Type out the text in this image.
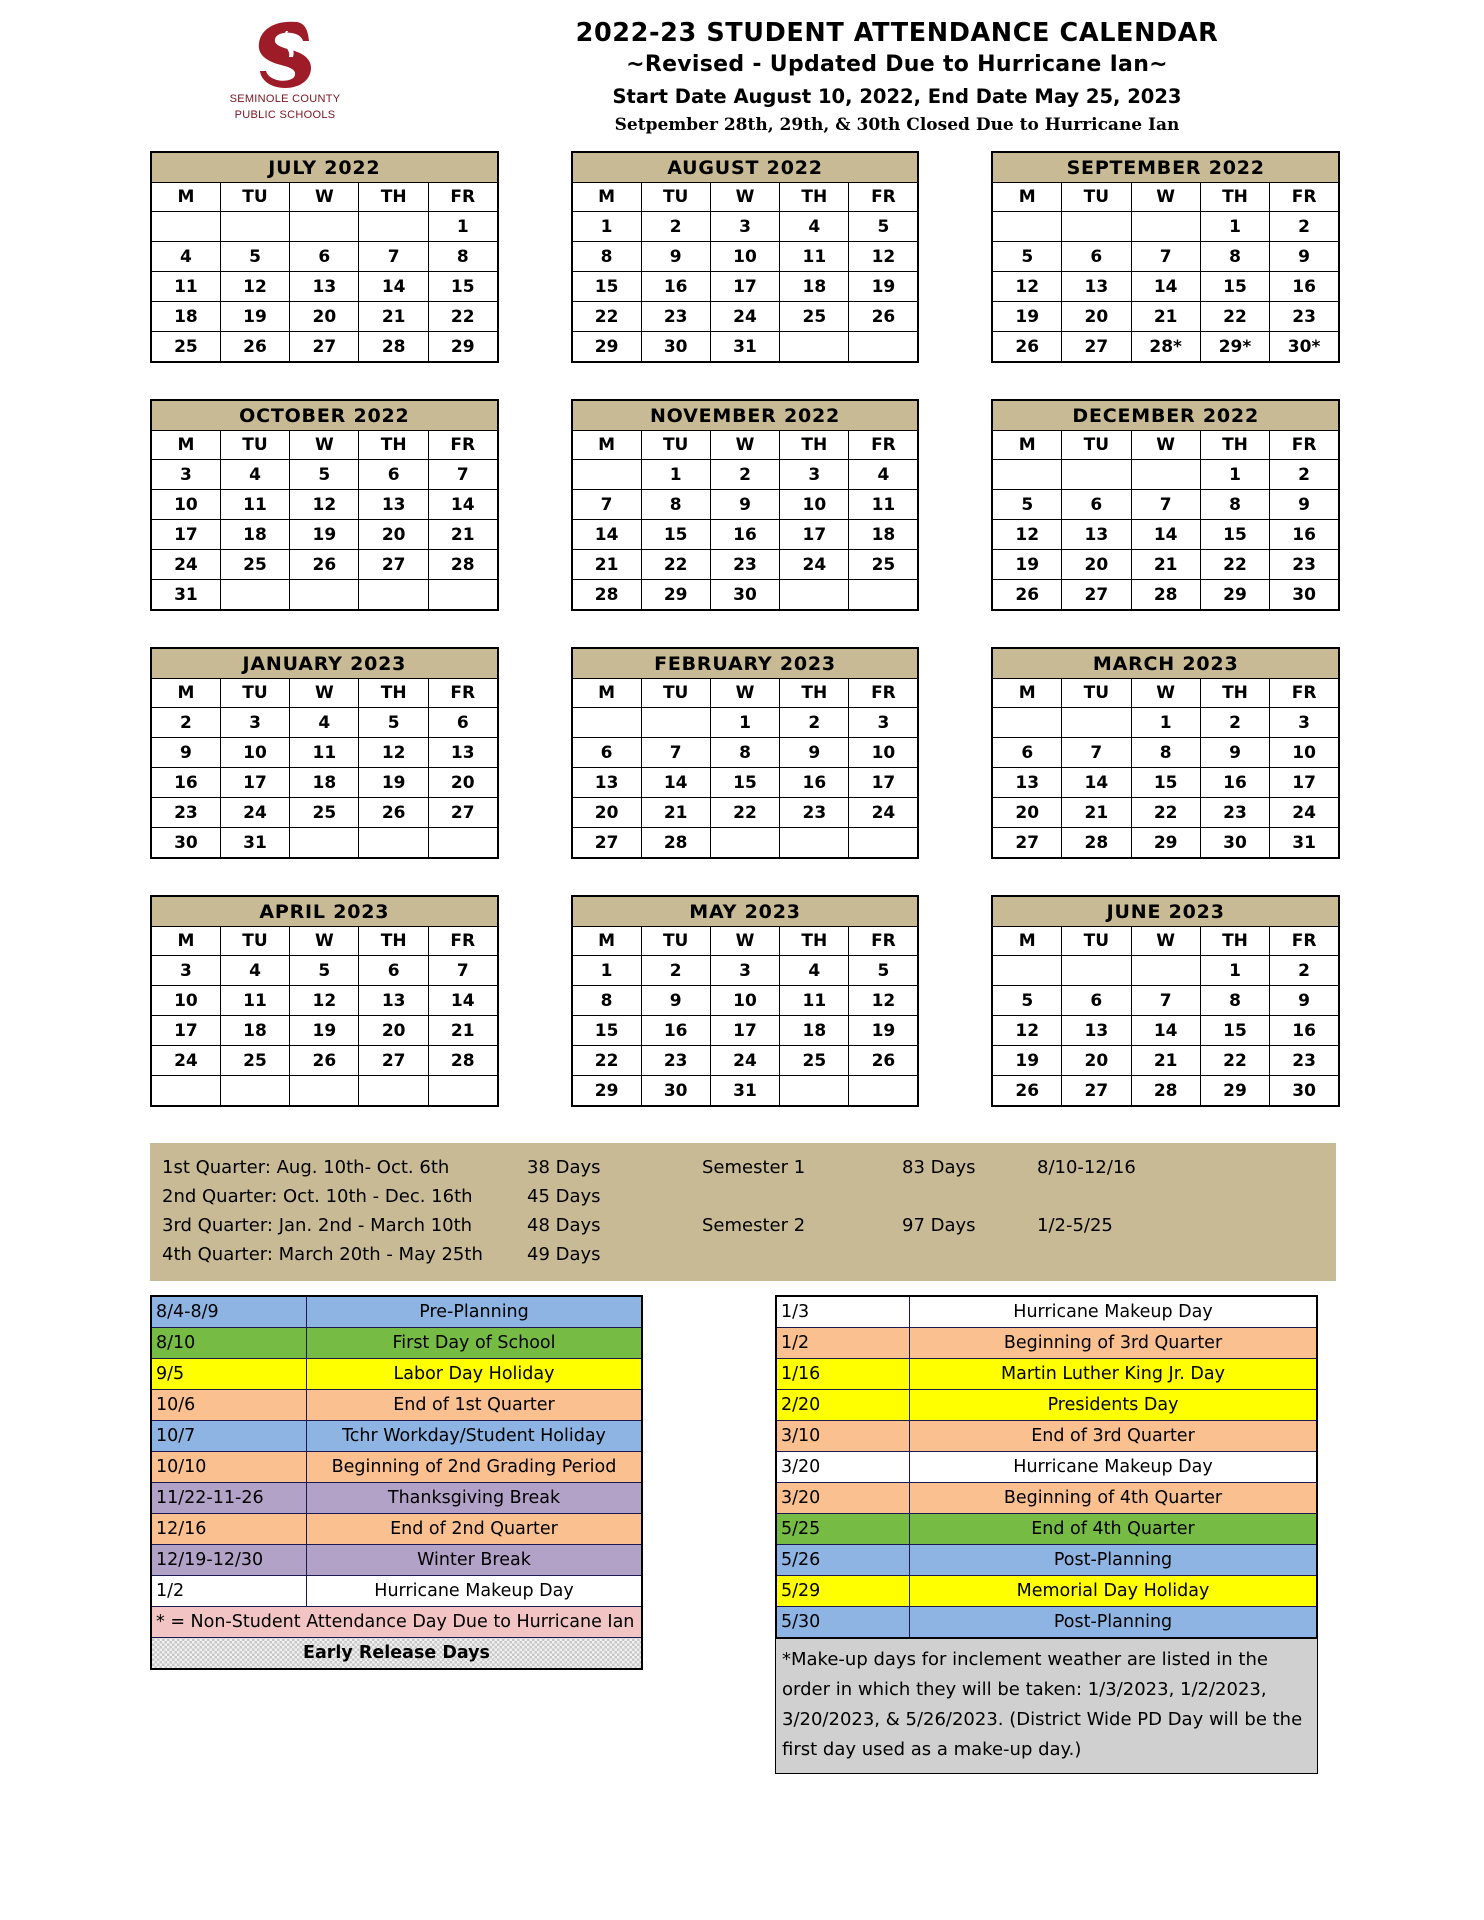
SEMINOLE COUNTY
PUBLIC SCHOOLS
2022-23 STUDENT ATTENDANCE CALENDAR
~Revised - Updated Due to Hurricane Ian~
Start Date August 10, 2022, End Date May 25, 2023
Setpember 28th, 29th, & 30th Closed Due to Hurricane Ian
JULY 2022				
M	TU	W	TH	FR
				1
4	5	6	7	8
11	12	13	14	15
18	19	20	21	22
25	26	27	28	29
AUGUST 2022				
M	TU	W	TH	FR
1	2	3	4	5
8	9	10	11	12
15	16	17	18	19
22	23	24	25	26
29	30	31		
SEPTEMBER 2022				
M	TU	W	TH	FR
			1	2
5	6	7	8	9
12	13	14	15	16
19	20	21	22	23
26	27	28*	29*	30*
OCTOBER 2022				
M	TU	W	TH	FR
3	4	5	6	7
10	11	12	13	14
17	18	19	20	21
24	25	26	27	28
31				
NOVEMBER 2022				
M	TU	W	TH	FR
	1	2	3	4
7	8	9	10	11
14	15	16	17	18
21	22	23	24	25
28	29	30		
DECEMBER 2022				
M	TU	W	TH	FR
			1	2
5	6	7	8	9
12	13	14	15	16
19	20	21	22	23
26	27	28	29	30
JANUARY 2023				
M	TU	W	TH	FR
2	3	4	5	6
9	10	11	12	13
16	17	18	19	20
23	24	25	26	27
30	31			
FEBRUARY 2023				
M	TU	W	TH	FR
		1	2	3
6	7	8	9	10
13	14	15	16	17
20	21	22	23	24
27	28			
MARCH 2023				
M	TU	W	TH	FR
		1	2	3
6	7	8	9	10
13	14	15	16	17
20	21	22	23	24
27	28	29	30	31
APRIL 2023				
M	TU	W	TH	FR
3	4	5	6	7
10	11	12	13	14
17	18	19	20	21
24	25	26	27	28

MAY 2023				
M	TU	W	TH	FR
1	2	3	4	5
8	9	10	11	12
15	16	17	18	19
22	23	24	25	26
29	30	31		
JUNE 2023				
M	TU	W	TH	FR
			1	2
5	6	7	8	9
12	13	14	15	16
19	20	21	22	23
26	27	28	29	30
1st Quarter: Aug. 10th- Oct. 6th	38 Days	Semester 1	83 Days	8/10-12/16
2nd Quarter: Oct. 10th - Dec. 16th	45 Days
3rd Quarter: Jan. 2nd - March 10th	48 Days	Semester 2	97 Days	1/2-5/25
4th Quarter: March 20th - May 25th	49 Days
8/4-8/9	Pre-Planning
8/10	First Day of School
9/5	Labor Day Holiday
10/6	End of 1st Quarter
10/7	Tchr Workday/Student Holiday
10/10	Beginning of 2nd Grading Period
11/22-11-26	Thanksgiving Break
12/16	End of 2nd Quarter
12/19-12/30	Winter Break
1/2	Hurricane Makeup Day
* = Non-Student Attendance Day Due to Hurricane Ian	
Early Release Days	
1/3	Hurricane Makeup Day
1/2	Beginning of 3rd Quarter
1/16	Martin Luther King Jr. Day
2/20	Presidents Day
3/10	End of 3rd Quarter
3/20	Hurricane Makeup Day
3/20	Beginning of 4th Quarter
5/25	End of 4th Quarter
5/26	Post-Planning
5/29	Memorial Day Holiday
5/30	Post-Planning
*Make-up days for inclement weather are listed in the order in which they will be taken: 1/3/2023, 1/2/2023, 3/20/2023, & 5/26/2023. (District Wide PD Day will be the first day used as a make-up day.)
